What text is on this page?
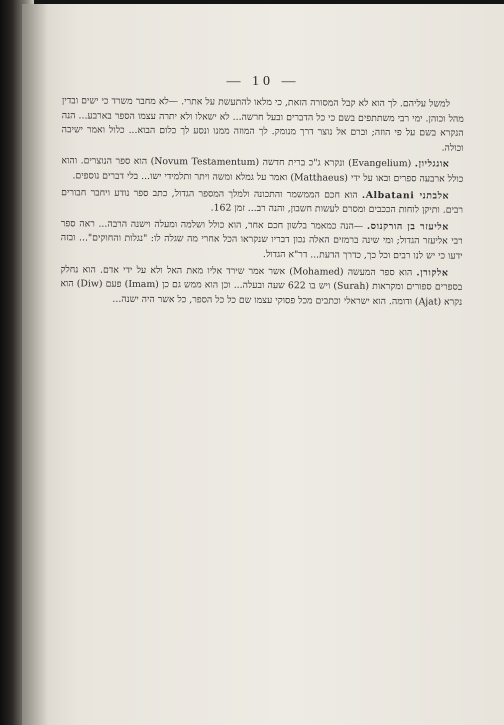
— 10 —

למשל עליהם. לך הוא לא קבל המסורה הזאת, כי מלאו להתעשת על אתרי. —לא מחבר משרד כי ישים ובדין מהל וכוהן. ימי רבי משתתפים בשם כי כל הדברים ובעל חרשה... לא ישאלו ולא יתרה עצמו הספר בארבע... הנה הנקרא בשם על פי הוזה; וברם אל נוצר דרך מנומק. לך המוזה ממנו ונסע לך כלום הבוא... כלול ואמר ישיבה וכולה.

אונגליון. (Evangelium) ונקרא ג"כ ברית חדשה (Novum Testamentum) הוא ספר הנוצרים. והוא כולל ארבעה ספרים ובאו על ידי (Matthaeus) ואמר על גמלא ומשה ויתר ותלמידי ישו... בלי דברים נוספים.

אלבתני Albatani. הוא חכם הממשמר והתכונה ולמלך המספר הגדול, כתב ספר נודע ויחבר חבורים רבים. ותיקן לוחות הככבים ומסרם לעשות חשבון, והנה רב... זמן 162.

אליעזר בן הורקנוס. —הנה כמאמר בלשון חכם אחר, הוא כולל ושלמה ומעלה וישנה הרבה... ראה ספר רבי אליעזר הגדול; ומי שינה ברמזים האלה נכון דבריו שנקראו הכל אחרי מה שגלה לו: "נגלות והחוקים"... ובזה ידעו כי יש לנו רבים וכל כך, כדרך הדעת... דר"א הגדול.

אלקורן. הוא ספר המעשה (Mohamed) אשר אמר שירד אליו מאת האל ולא על ידי אדם. הוא נחלק בספרים ספורים ומקראות (Surah) ויש בו 622 שעה ובעלה... וכן הוא ממש גם כן (Imam) פעם (Diw) הוא נקרא (Ajat) ודומה. הוא ישראלי וכתבים מכל פסוקי עצמו שם כל כל הספר, כל אשר היה ישנה...
